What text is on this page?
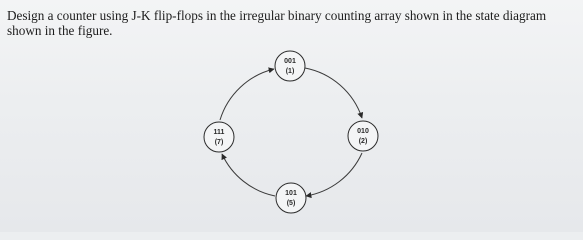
Design a counter using J-K flip-flops in the irregular binary counting array shown in the state diagram shown in the figure.

001
(1)
010
(2)
101
(5)
111
(7)
